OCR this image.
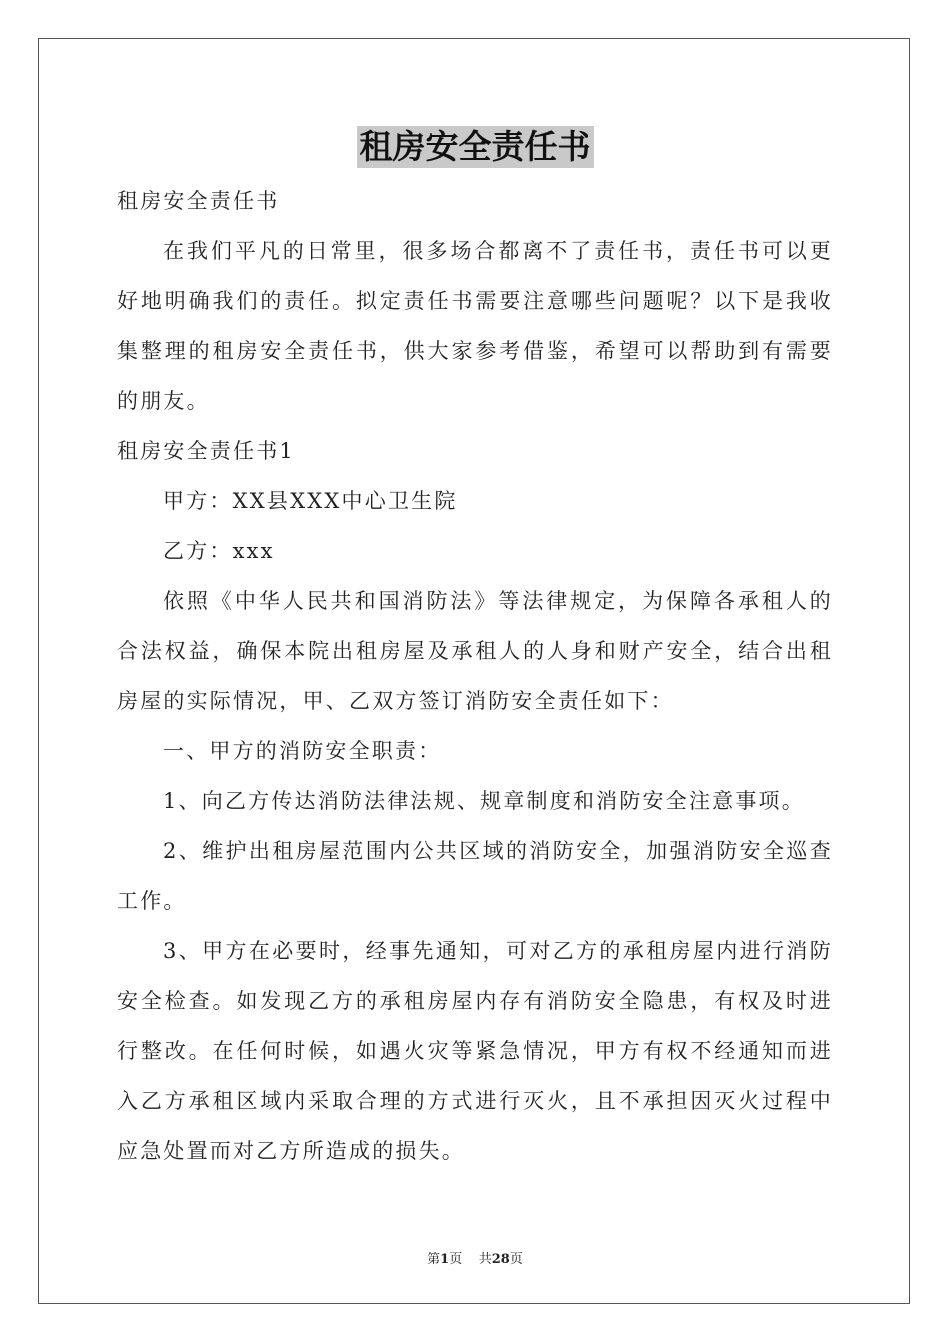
租房安全责任书

租房安全责任书

在我们平凡的日常里，很多场合都离不了责任书，责任书可以更好地明确我们的责任。拟定责任书需要注意哪些问题呢？以下是我收集整理的租房安全责任书，供大家参考借鉴，希望可以帮助到有需要的朋友。

租房安全责任书1

甲方：XX县XXX中心卫生院

乙方：xxx

依照《中华人民共和国消防法》等法律规定，为保障各承租人的合法权益，确保本院出租房屋及承租人的人身和财产安全，结合出租房屋的实际情况，甲、乙双方签订消防安全责任如下：

一、甲方的消防安全职责：

1、向乙方传达消防法律法规、规章制度和消防安全注意事项。

2、维护出租房屋范围内公共区域的消防安全，加强消防安全巡查工作。

3、甲方在必要时，经事先通知，可对乙方的承租房屋内进行消防安全检查。如发现乙方的承租房屋内存有消防安全隐患，有权及时进行整改。在任何时候，如遇火灾等紧急情况，甲方有权不经通知而进入乙方承租区域内采取合理的方式进行灭火，且不承担因灭火过程中应急处置而对乙方所造成的损失。

第1页 共28页
